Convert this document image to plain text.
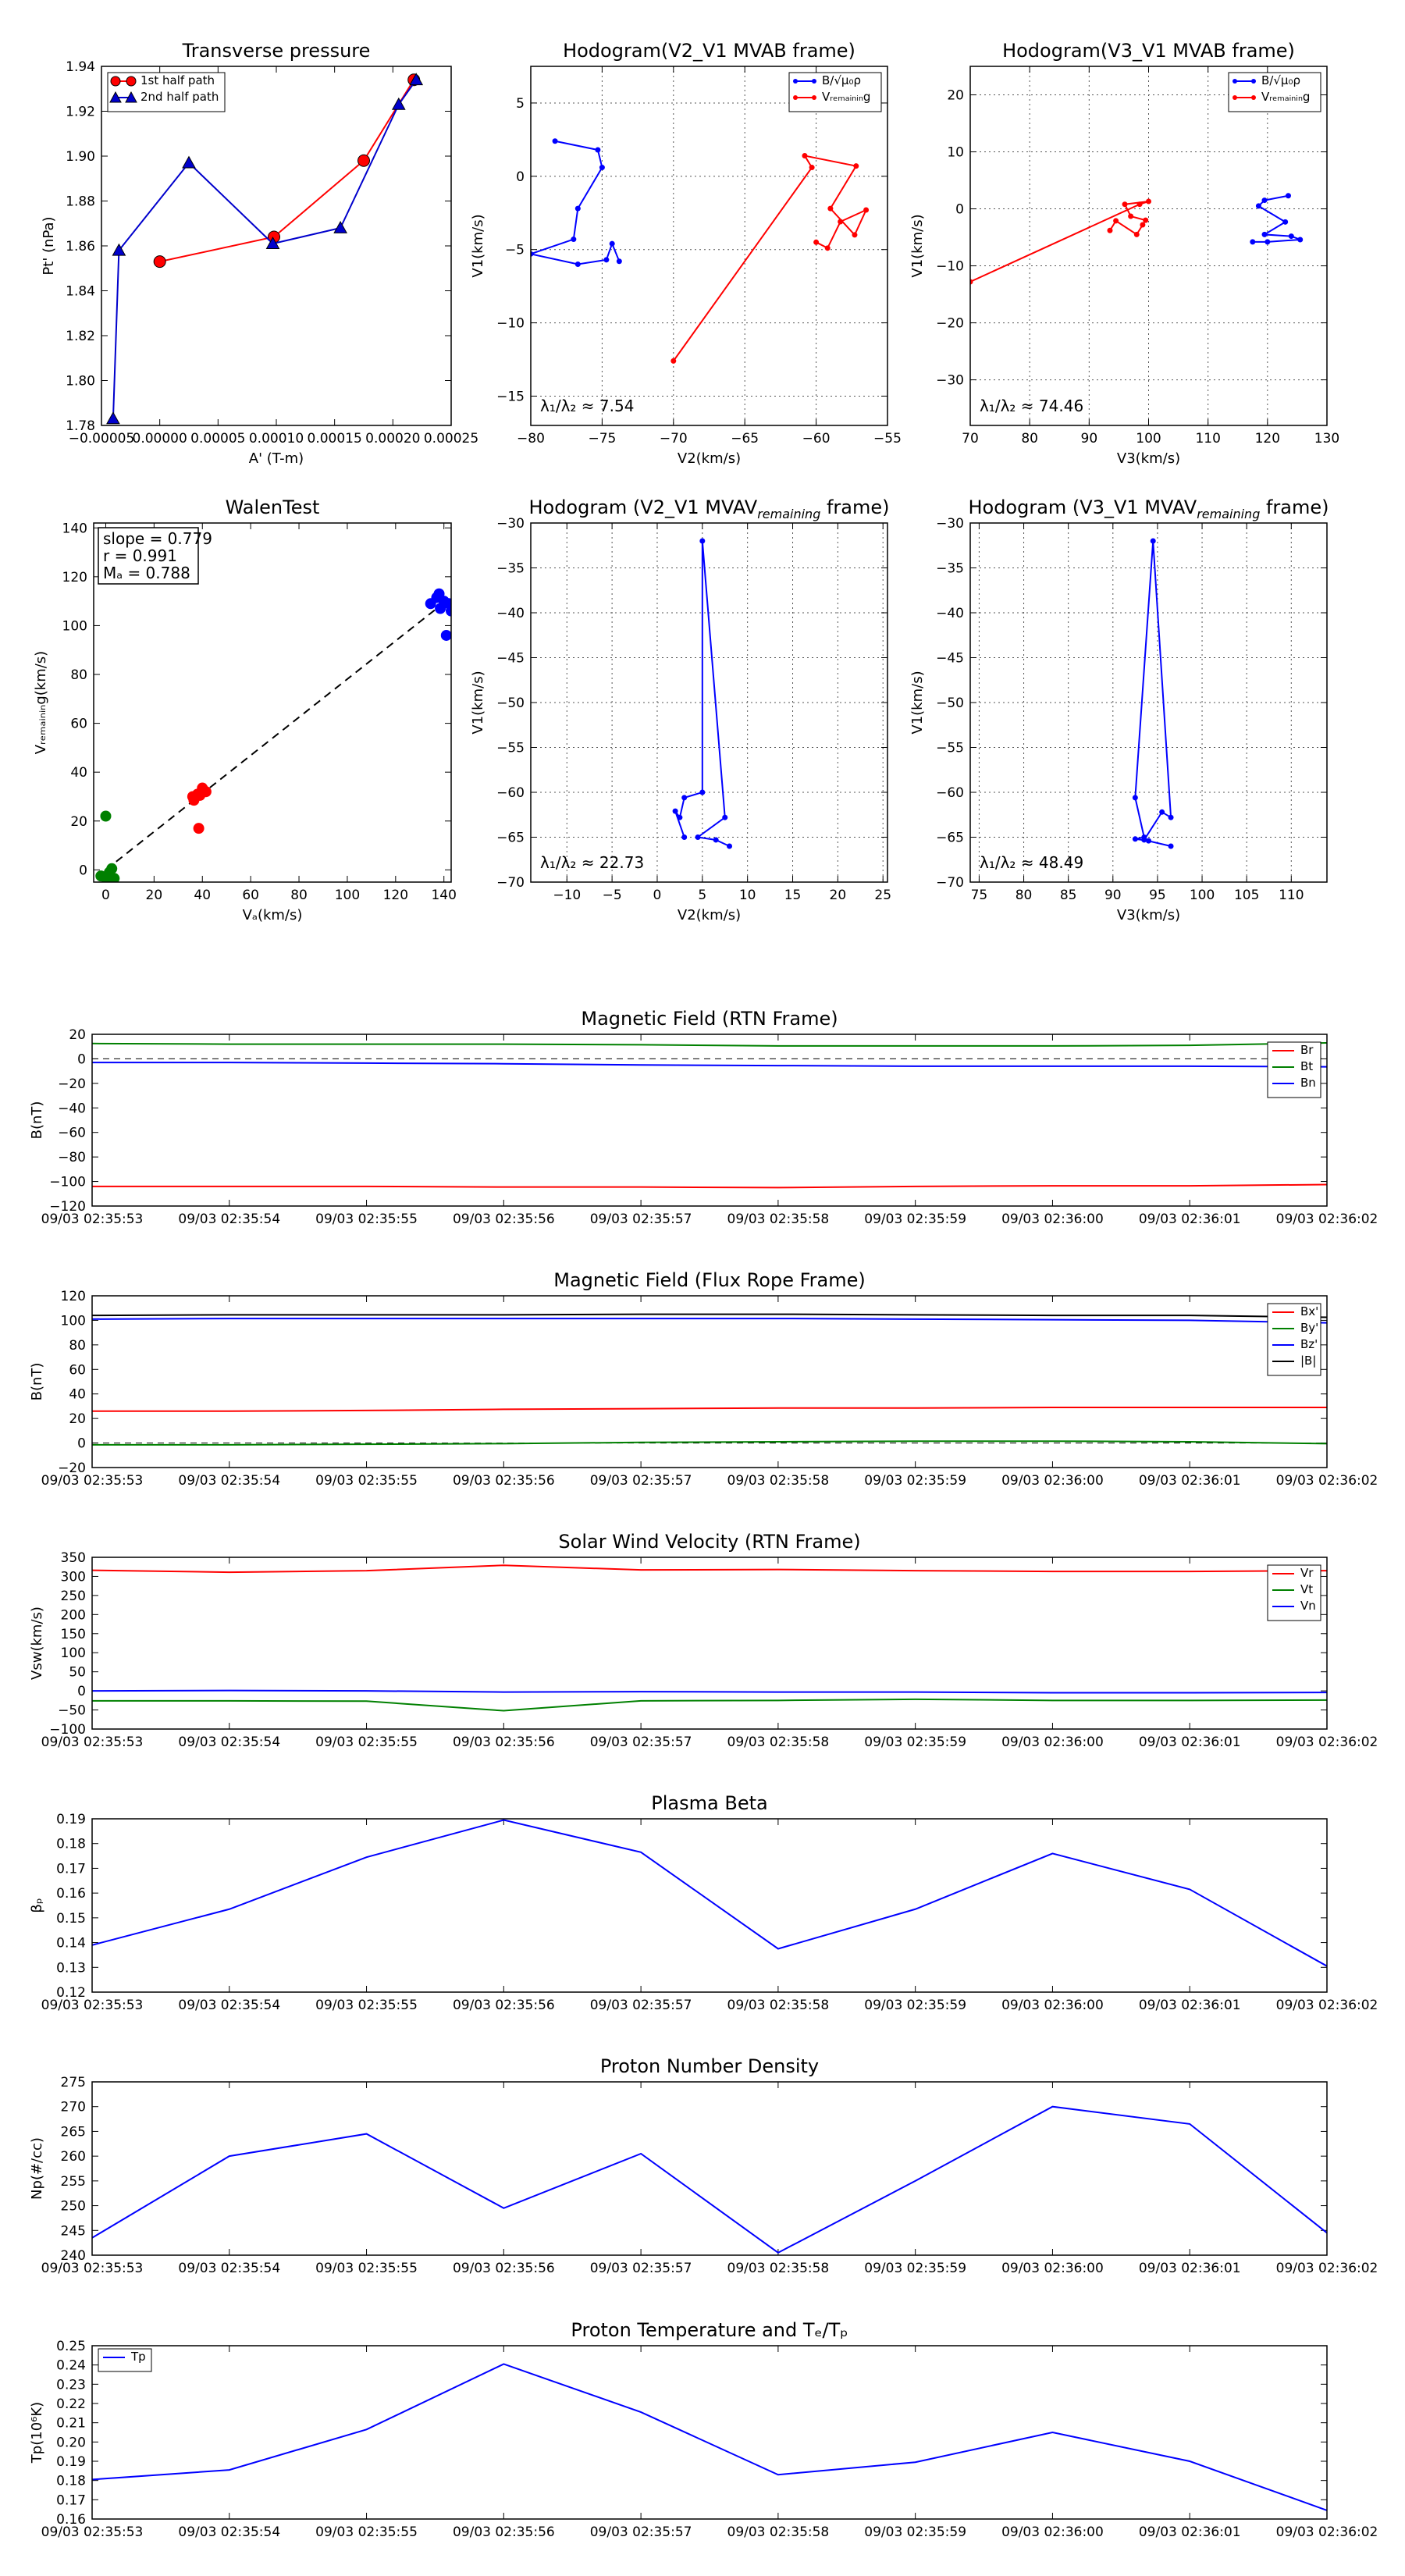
Transverse pressure
−0.00005
0.00000 0.00005 0.00010 0.00015 0.00020 0.00025
1.78
1.80
1.82
1.84
1.86
1.88
1.90
1.92
1.94
A' (T-m)
Pt' (nPa)
1st half path
2nd half path
Hodogram(V2_V1 MVAB frame)
−80	−75	−70	−65	−60	−55
−15
−10
−5
0
5
V2(km/s)
V1(km/s)
λ₁/λ₂ ≈ 7.54
B/√μ₀ρ
Vᵣₑₘₐᵢₙᵢₙg
Hodogram(V3_V1 MVAB frame)
70	80	90	100	110	120	130
−30
−20
−10
0
10
20
V3(km/s)
V1(km/s)
λ₁/λ₂ ≈ 74.46
B/√μ₀ρ
Vᵣₑₘₐᵢₙᵢₙg
WalenTest
0	20 40 60 80 100 120 140
0
20
40
60
80
100
120
140
Vₐ(km/s)
Vᵣₑₘₐᵢₙᵢₙg(km/s)
slope = 0.779
r = 0.991
Mₐ = 0.788
Hodogram (V2_V1 $MVAV_{remaining}$ frame)
−10 −5 0	5 10 15 20 25
−70
−65
−60
−55
−50
−45
−40
−35
−30
V2(km/s)
V1(km/s)
λ₁/λ₂ ≈ 22.73
Hodogram (V3_V1 $MVAV_{remaining}$ frame)
75 80 85 90 95 100 105 110
−70
−65
−60
−55
−50
−45
−40
−35
−30
V3(km/s)
V1(km/s)
λ₁/λ₂ ≈ 48.49
Magnetic Field (RTN Frame)
09/03 02:35:53	09/03 02:35:54	09/03 02:35:55	09/03 02:35:56	09/03 02:35:57	09/03 02:35:58	09/03 02:35:59	09/03 02:36:00	09/03 02:36:01	09/03 02:36:02
−120
−100
−80
−60
−40
−20
0
20
B(nT)
Br
Bt
Bn
Magnetic Field (Flux Rope Frame)
09/03 02:35:53	09/03 02:35:54	09/03 02:35:55	09/03 02:35:56	09/03 02:35:57	09/03 02:35:58	09/03 02:35:59	09/03 02:36:00	09/03 02:36:01	09/03 02:36:02
−20
0
20
40
60
80
100
120
B(nT)
Bx'
By'
Bz'
|B|
Solar Wind Velocity (RTN Frame)
09/03 02:35:53	09/03 02:35:54	09/03 02:35:55	09/03 02:35:56	09/03 02:35:57	09/03 02:35:58	09/03 02:35:59	09/03 02:36:00	09/03 02:36:01	09/03 02:36:02
−100
−50
0
50
100
150
200
250
300
350
Vsw(km/s)
Vr
Vt
Vn
Plasma Beta
09/03 02:35:53	09/03 02:35:54	09/03 02:35:55	09/03 02:35:56	09/03 02:35:57	09/03 02:35:58	09/03 02:35:59	09/03 02:36:00	09/03 02:36:01	09/03 02:36:02
0.12
0.13
0.14
0.15
0.16
0.17
0.18
0.19
βₚ
Proton Number Density
09/03 02:35:53	09/03 02:35:54	09/03 02:35:55	09/03 02:35:56	09/03 02:35:57	09/03 02:35:58	09/03 02:35:59	09/03 02:36:00	09/03 02:36:01	09/03 02:36:02
240
245
250
255
260
265
270
275
Np(#/cc)
Proton Temperature and Tₑ/Tₚ
09/03 02:35:53	09/03 02:35:54	09/03 02:35:55	09/03 02:35:56	09/03 02:35:57	09/03 02:35:58	09/03 02:35:59	09/03 02:36:00	09/03 02:36:01	09/03 02:36:02
0.16
0.17
0.18
0.19
0.20
0.21
0.22
0.23
0.24
0.25
Tp(10⁶K)
Tp
